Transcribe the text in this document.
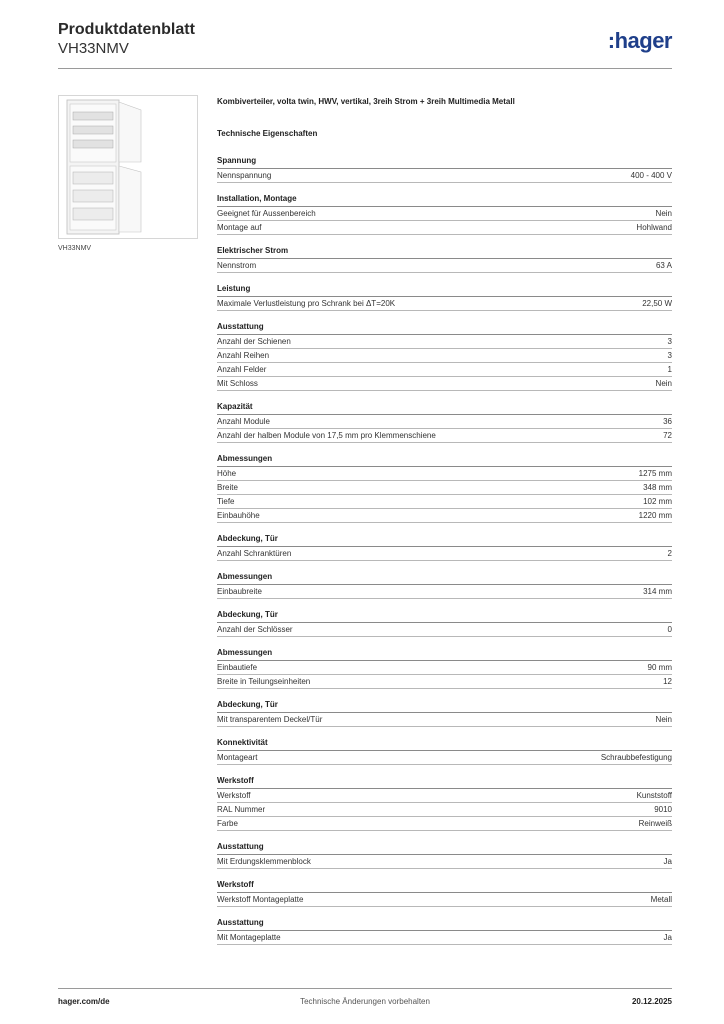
Produktdatenblatt

VH33NMV	:hager
VH33NMV
Kombiverteiler, volta twin, HWV, vertikal, 3reih Strom + 3reih Multimedia Metall
Technische Eigenschaften
Spannung
Nennspannung	400 - 400 V
Installation, Montage
Geeignet für Aussenbereich	Nein
Montage auf	Hohlwand
Elektrischer Strom
Nennstrom	63 A
Leistung
Maximale Verlustleistung pro Schrank bei ΔT=20K	22,50 W
Ausstattung
Anzahl der Schienen	3
Anzahl Reihen	3
Anzahl Felder	1
Mit Schloss	Nein
Kapazität
Anzahl Module	36
Anzahl der halben Module von 17,5 mm pro Klemmenschiene	72
Abmessungen
Höhe	1275 mm
Breite	348 mm
Tiefe	102 mm
Einbauhöhe	1220 mm
Abdeckung, Tür
Anzahl Schranktüren	2
Abmessungen
Einbaubreite	314 mm
Abdeckung, Tür
Anzahl der Schlösser	0
Abmessungen
Einbautiefe	90 mm
Breite in Teilungseinheiten	12
Abdeckung, Tür
Mit transparentem Deckel/Tür	Nein
Konnektivität
Montageart	Schraubbefestigung
Werkstoff
Werkstoff	Kunststoff
RAL Nummer	9010
Farbe	Reinweiß
Ausstattung
Mit Erdungsklemmenblock	Ja
Werkstoff
Werkstoff Montageplatte	Metall
Ausstattung
Mit Montageplatte	Ja
hager.com/de	Technische Änderungen vorbehalten	20.12.2025
